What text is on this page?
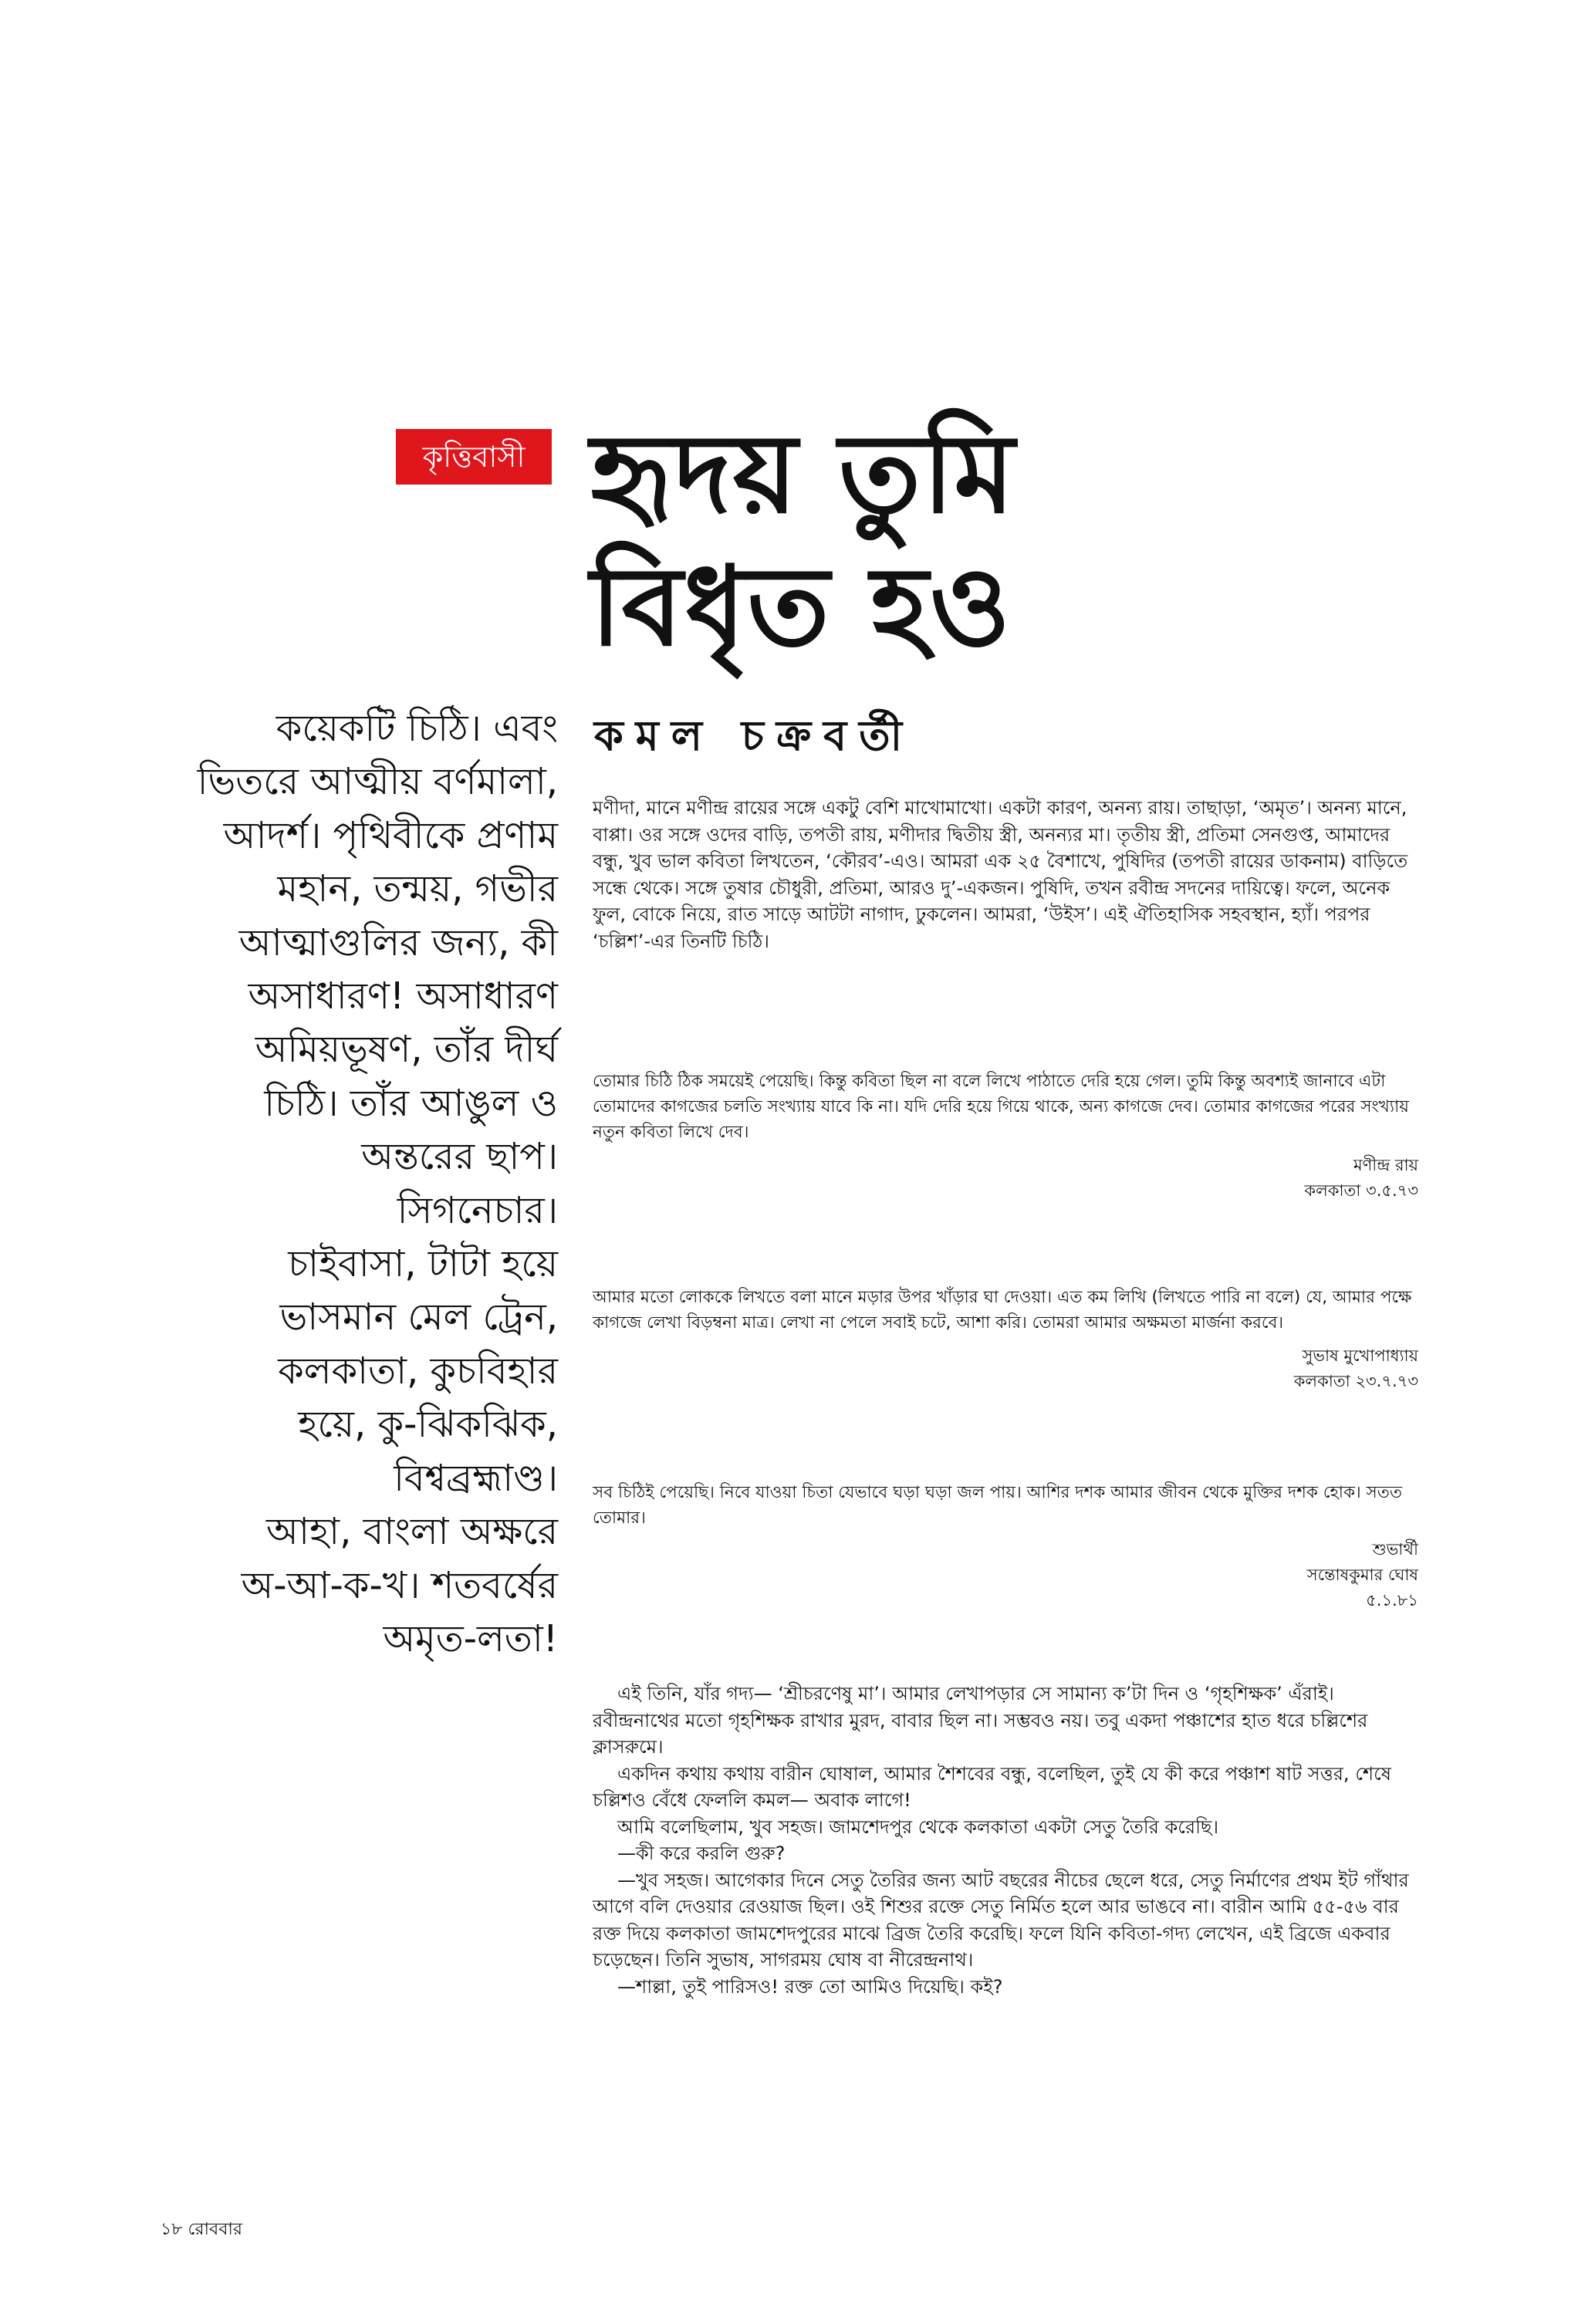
কৃত্তিবাসী হৃদয় তুমি
বিধৃত হও
কমল চক্রবর্তী
কয়েকটি চিঠি। এবং
ভিতরে আত্মীয় বর্ণমালা,
আদর্শ। পৃথিবীকে প্রণাম
মহান, তন্ময়, গভীর
আত্মাগুলির জন্য, কী
অসাধারণ! অসাধারণ
অমিয়ভূষণ, তাঁর দীর্ঘ
চিঠি। তাঁর আঙুল ও
অন্তরের ছাপ।
সিগনেচার।
চাইবাসা, টাটা হয়ে
ভাসমান মেল ট্রেন,
কলকাতা, কুচবিহার
হয়ে, কু-ঝিকঝিক,
বিশ্বব্রহ্মাণ্ড।
আহা, বাংলা অক্ষরে
অ-আ-ক-খ। শতবর্ষের
অমৃত-লতা!
মণীদা, মানে মণীন্দ্র রায়ের সঙ্গে একটু বেশি মাখোমাখো। একটা কারণ, অনন্য রায়। তাছাড়া, ‘অমৃত’। অনন্য মানে, বাপ্পা। ওর সঙ্গে ওদের বাড়ি, তপতী রায়, মণীদার দ্বিতীয় স্ত্রী, অনন্যর মা। তৃতীয় স্ত্রী, প্রতিমা সেনগুপ্ত, আমাদের বন্ধু, খুব ভাল কবিতা লিখতেন, ‘কৌরব’-এও। আমরা এক ২৫ বৈশাখে, পুষিদির (তপতী রায়ের ডাকনাম) বাড়িতে সন্ধে থেকে। সঙ্গে তুষার চৌধুরী, প্রতিমা, আরও দু’-একজন। পুষিদি, তখন রবীন্দ্র সদনের দায়িত্বে। ফলে, অনেক ফুল, বোকে নিয়ে, রাত সাড়ে আটটা নাগাদ, ঢুকলেন। আমরা, ‘উইস’। এই ঐতিহাসিক সহবস্থান, হ্যাঁ। পরপর ‘চল্লিশ’-এর তিনটি চিঠি।
তোমার চিঠি ঠিক সময়েই পেয়েছি। কিন্তু কবিতা ছিল না বলে লিখে পাঠাতে দেরি হয়ে গেল। তুমি কিন্তু অবশ্যই জানাবে এটা তোমাদের কাগজের চলতি সংখ্যায় যাবে কি না। যদি দেরি হয়ে গিয়ে থাকে, অন্য কাগজে দেব। তোমার কাগজের পরের সংখ্যায় নতুন কবিতা লিখে দেব।
মণীন্দ্র রায়
কলকাতা ৩.৫.৭৩
আমার মতো লোককে লিখতে বলা মানে মড়ার উপর খাঁড়ার ঘা দেওয়া। এত কম লিখি (লিখতে পারি না বলে) যে, আমার পক্ষে কাগজে লেখা বিড়ম্বনা মাত্র। লেখা না পেলে সবাই চটে, আশা করি। তোমরা আমার অক্ষমতা মার্জনা করবে।
সুভাষ মুখোপাধ্যায়
কলকাতা ২৩.৭.৭৩
সব চিঠিই পেয়েছি। নিবে যাওয়া চিতা যেভাবে ঘড়া ঘড়া জল পায়। আশির দশক আমার জীবন থেকে মুক্তির দশক হোক। সতত তোমার।
শুভার্থী
সন্তোষকুমার ঘোষ
৫.১.৮১

এই তিনি, যাঁর গদ্য— ‘শ্রীচরণেষু মা’। আমার লেখাপড়ার সে সামান্য ক’টা দিন ও ‘গৃহশিক্ষক’ এঁরাই। রবীন্দ্রনাথের মতো গৃহশিক্ষক রাখার মুরদ, বাবার ছিল না। সম্ভবও নয়। তবু একদা পঞ্চাশের হাত ধরে চল্লিশের ক্লাসরুমে।

একদিন কথায় কথায় বারীন ঘোষাল, আমার শৈশবের বন্ধু, বলেছিল, তুই যে কী করে পঞ্চাশ ষাট সত্তর, শেষে চল্লিশও বেঁধে ফেললি কমল— অবাক লাগে!

আমি বলেছিলাম, খুব সহজ। জামশেদপুর থেকে কলকাতা একটা সেতু তৈরি করেছি।

—কী করে করলি গুরু?

—খুব সহজ। আগেকার দিনে সেতু তৈরির জন্য আট বছরের নীচের ছেলে ধরে, সেতু নির্মাণের প্রথম ইট গাঁথার আগে বলি দেওয়ার রেওয়াজ ছিল। ওই শিশুর রক্তে সেতু নির্মিত হলে আর ভাঙবে না। বারীন আমি ৫৫-৫৬ বার রক্ত দিয়ে কলকাতা জামশেদপুরের মাঝে ব্রিজ তৈরি করেছি। ফলে যিনি কবিতা-গদ্য লেখেন, এই ব্রিজে একবার চড়েছেন। তিনি সুভাষ, সাগরময় ঘোষ বা নীরেন্দ্রনাথ।

—শাল্লা, তুই পারিসও! রক্ত তো আমিও দিয়েছি। কই?

১৮ রোববার
